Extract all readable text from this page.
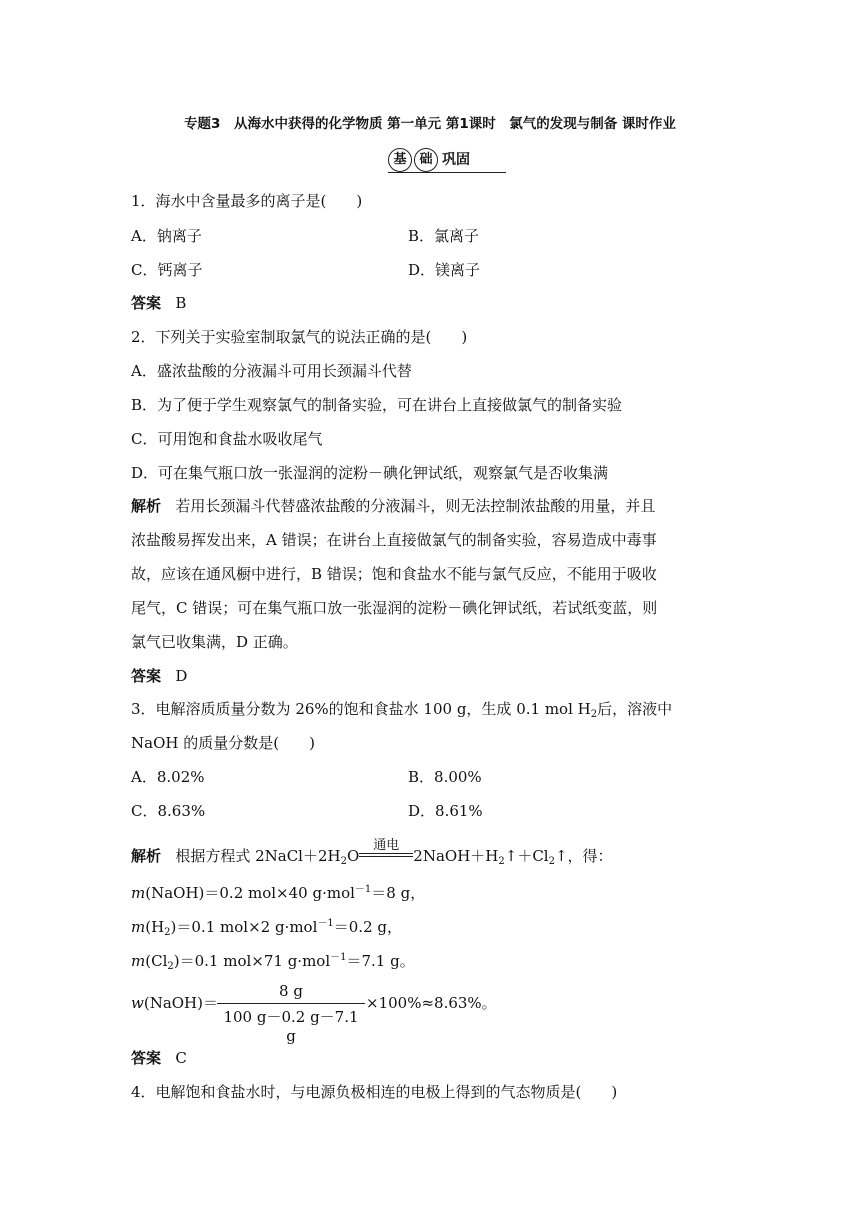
专题3　从海水中获得的化学物质 第一单元 第1课时　氯气的发现与制备 课时作业
基 础 巩固
1．海水中含量最多的离子是(　　)
A．钠离子	B．氯离子
C．钙离子	D．镁离子
答案 B
2．下列关于实验室制取氯气的说法正确的是(　　)
A．盛浓盐酸的分液漏斗可用长颈漏斗代替
B．为了便于学生观察氯气的制备实验，可在讲台上直接做氯气的制备实验
C．可用饱和食盐水吸收尾气
D．可在集气瓶口放一张湿润的淀粉－碘化钾试纸，观察氯气是否收集满
解析 若用长颈漏斗代替盛浓盐酸的分液漏斗，则无法控制浓盐酸的用量，并且
浓盐酸易挥发出来，A 错误；在讲台上直接做氯气的制备实验，容易造成中毒事
故，应该在通风橱中进行，B 错误；饱和食盐水不能与氯气反应，不能用于吸收
尾气，C 错误；可在集气瓶口放一张湿润的淀粉－碘化钾试纸，若试纸变蓝，则
氯气已收集满，D 正确。
答案 D
3．电解溶质质量分数为 26%的饱和食盐水 100 g，生成 0.1 mol $H_2$后，溶液中
NaOH 的质量分数是(　　)
A．8.02%	B．8.00%
C．8.63%	D．8.61%
解析 根据方程式 $2NaCl+2H_2O$
通电
$2NaOH+H_2↑+Cl_2↑$，得：
m(NaOH)＝0.2 mol×40 g·mol$^{-1}$＝8 g，
$m(H_2)=0.1$ mol×2 g·mol$^{-1}$＝0.2 g，
$m(Cl_2)=0.1$ mol×71 g·mol$^{-1}$＝7.1 g。
w(NaOH)＝
8 g
100 g－0.2 g－7.1 g
×100%≈8.63%。
答案 C
4．电解饱和食盐水时，与电源负极相连的电极上得到的气态物质是(　　)
